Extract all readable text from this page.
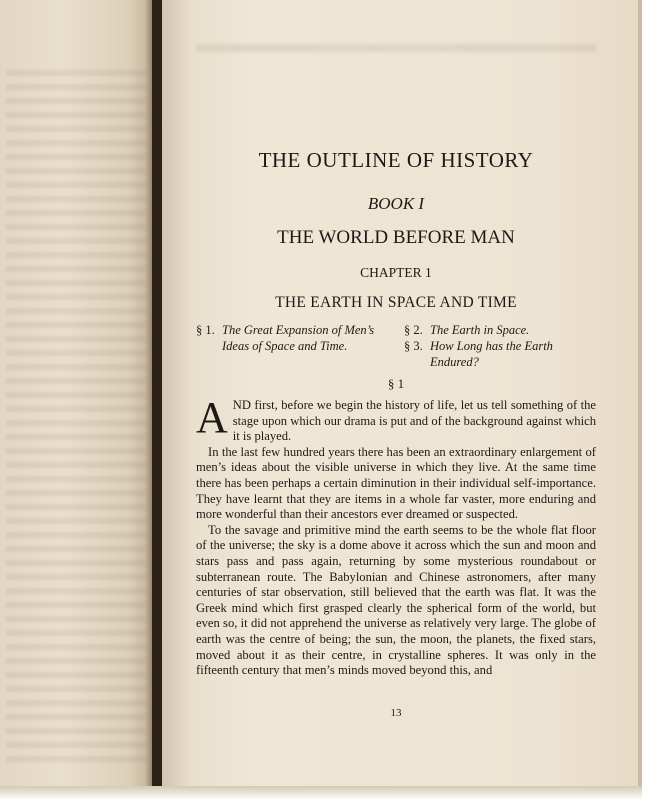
THE OUTLINE OF HISTORY
BOOK I
THE WORLD BEFORE MAN
CHAPTER 1
THE EARTH IN SPACE AND TIME
§ 1. The Great Expansion of Men’s Ideas of Space and Time.
§ 2. The Earth in Space.
§ 3. How Long has the Earth Endured?
§ 1

AND first, before we begin the history of life, let us tell something of the stage upon which our drama is put and of the background against which it is played.

In the last few hundred years there has been an extraordinary enlargement of men’s ideas about the visible universe in which they live. At the same time there has been perhaps a certain diminution in their individual self-importance. They have learnt that they are items in a whole far vaster, more enduring and more wonderful than their ancestors ever dreamed or suspected.

To the savage and primitive mind the earth seems to be the whole flat floor of the universe; the sky is a dome above it across which the sun and moon and stars pass and pass again, returning by some mysterious roundabout or subterranean route. The Babylonian and Chinese astronomers, after many centuries of star observation, still believed that the earth was flat. It was the Greek mind which first grasped clearly the spherical form of the world, but even so, it did not apprehend the universe as relatively very large. The globe of earth was the centre of being; the sun, the moon, the planets, the fixed stars, moved about it as their centre, in crystalline spheres. It was only in the fifteenth century that men’s minds moved beyond this, and

13
